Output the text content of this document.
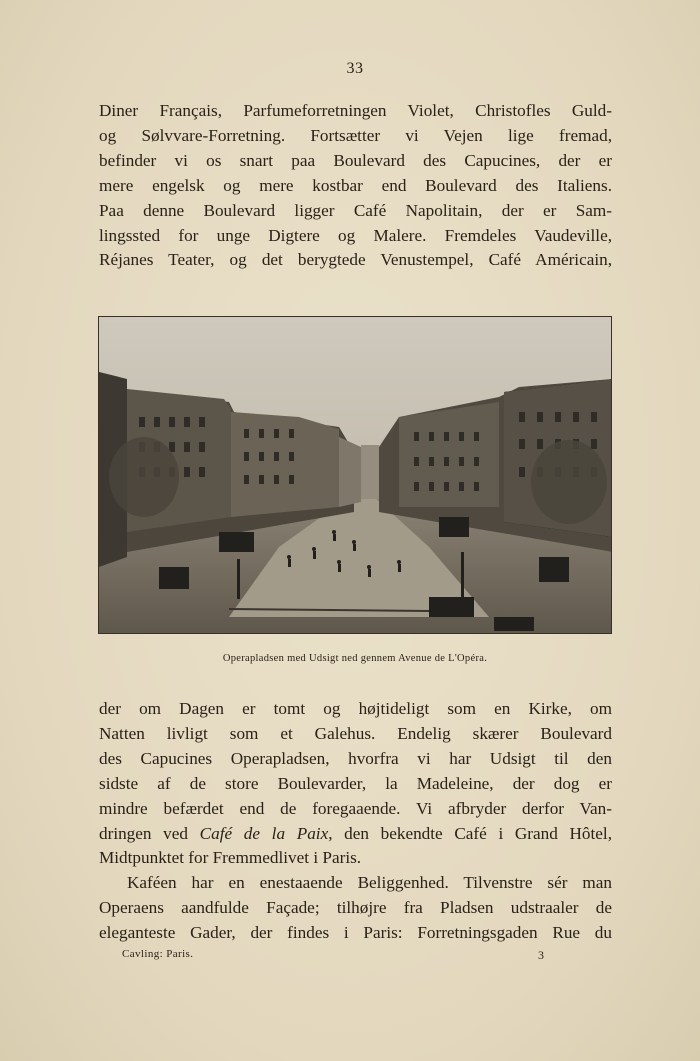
33
Diner Français, Parfumeforretningen Violet, Christofles Guld-
og Sølvvare-Forretning. Fortsætter vi Vejen lige fremad,
befinder vi os snart paa Boulevard des Capucines, der er
mere engelsk og mere kostbar end Boulevard des Italiens.
Paa denne Boulevard ligger Café Napolitain, der er Sam-
lingssted for unge Digtere og Malere. Fremdeles Vaudeville,
Réjanes Teater, og det berygtede Venustempel, Café Américain,
Operapladsen med Udsigt ned gennem Avenue de L'Opéra.
der om Dagen er tomt og højtideligt som en Kirke, om
Natten livligt som et Galehus. Endelig skærer Boulevard
des Capucines Operapladsen, hvorfra vi har Udsigt til den
sidste af de store Boulevarder, la Madeleine, der dog er
mindre befærdet end de foregaaende. Vi afbryder derfor Van-
dringen ved Café de la Paix, den bekendte Café i Grand Hôtel,
Midtpunktet for Fremmedlivet i Paris.
Kaféen har en enestaaende Beliggenhed. Tilvenstre sér man
Operaens aandfulde Façade; tilhøjre fra Pladsen udstraaler de
eleganteste Gader, der findes i Paris: Forretningsgaden Rue du
Cavling: Paris.	3
